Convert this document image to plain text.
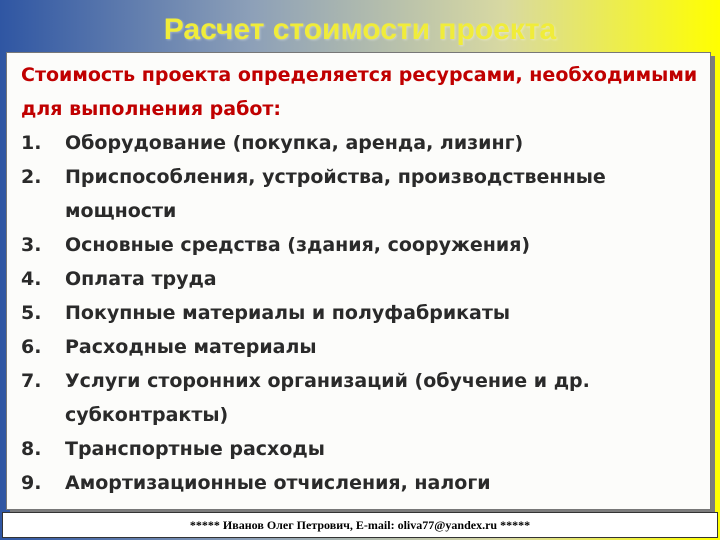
Расчет стоимости проекта

Стоимость проекта определяется ресурсами, необходимыми для выполнения работ:

1.	Оборудование (покупка, аренда, лизинг)
2.	Приспособления, устройства, производственные мощности
3.	Основные средства (здания, сооружения)
4.	Оплата труда
5.	Покупные материалы и полуфабрикаты
6.	Расходные материалы
7.	Услуги сторонних организаций (обучение и др. субконтракты)
8.	Транспортные расходы
9.	Амортизационные отчисления, налоги
***** Иванов Олег Петрович, E-mail: oliva77@yandex.ru *****
